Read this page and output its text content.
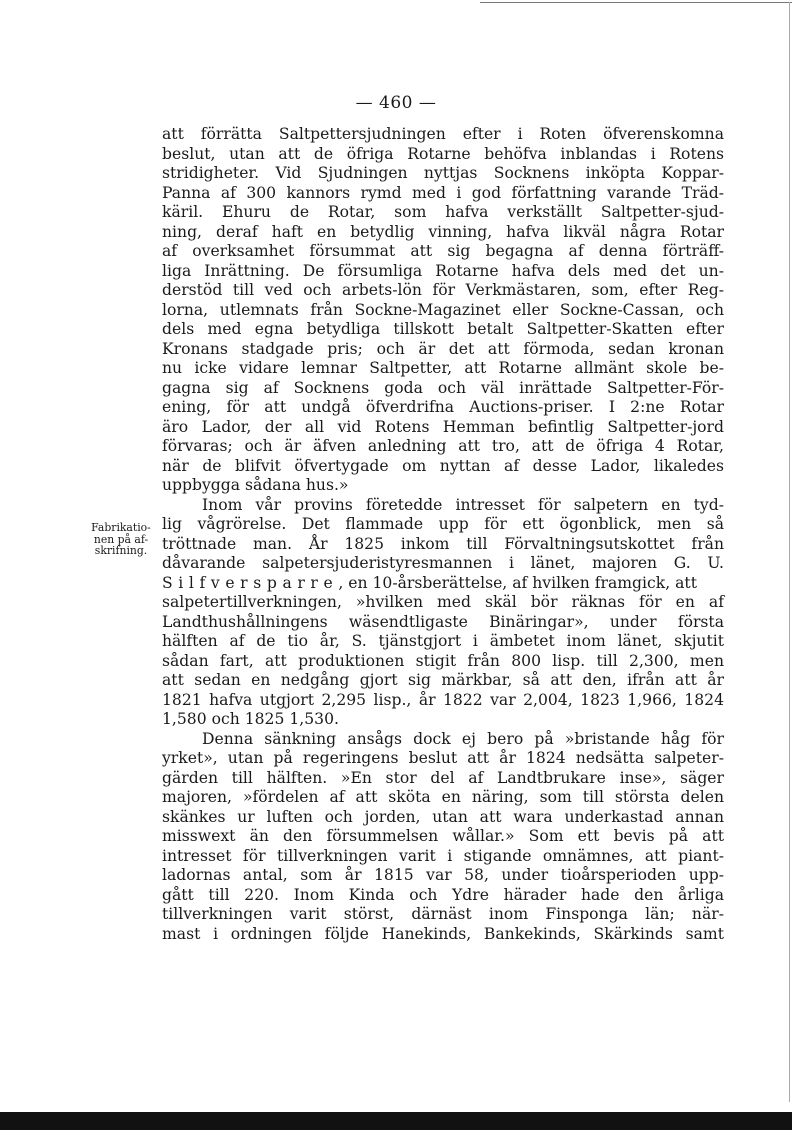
— 460 —
Fabrikatio-
nen på af-
skrifning.
att förrätta Saltpettersjudningen efter i Roten öfverenskomna
beslut, utan att de öfriga Rotarne behöfva inblandas i Rotens
stridigheter. Vid Sjudningen nyttjas Socknens inköpta Koppar-
Panna af 300 kannors rymd med i god författning varande Träd-
käril. Ehuru de Rotar, som hafva verkställt Saltpetter-sjud-
ning, deraf haft en betydlig vinning, hafva likväl några Rotar
af overksamhet försummat att sig begagna af denna förträff-
liga Inrättning. De försumliga Rotarne hafva dels med det un-
derstöd till ved och arbets-lön för Verkmästaren, som, efter Reg-
lorna, utlemnats från Sockne-Magazinet eller Sockne-Cassan, och
dels med egna betydliga tillskott betalt Saltpetter-Skatten efter
Kronans stadgade pris; och är det att förmoda, sedan kronan
nu icke vidare lemnar Saltpetter, att Rotarne allmänt skole be-
gagna sig af Socknens goda och väl inrättade Saltpetter-För-
ening, för att undgå öfverdrifna Auctions-priser. I 2:ne Rotar
äro Lador, der all vid Rotens Hemman befintlig Saltpetter-jord
förvaras; och är äfven anledning att tro, att de öfriga 4 Rotar,
när de blifvit öfvertygade om nyttan af desse Lador, likaledes
uppbygga sådana hus.»
Inom vår provins företedde intresset för salpetern en tyd-
lig vågrörelse. Det flammade upp för ett ögonblick, men så
tröttnade man. År 1825 inkom till Förvaltningsutskottet från
dåvarande salpetersjuderistyresmannen i länet, majoren G. U.
Silfversparre, en 10-årsberättelse, af hvilken framgick, att
salpetertillverkningen, »hvilken med skäl bör räknas för en af
Landthushållningens wäsendtligaste Binäringar», under första
hälften af de tio år, S. tjänstgjort i ämbetet inom länet, skjutit
sådan fart, att produktionen stigit från 800 lisp. till 2,300, men
att sedan en nedgång gjort sig märkbar, så att den, ifrån att år
1821 hafva utgjort 2,295 lisp., år 1822 var 2,004, 1823 1,966, 1824
1,580 och 1825 1,530.
Denna sänkning ansågs dock ej bero på »bristande håg för
yrket», utan på regeringens beslut att år 1824 nedsätta salpeter-
gärden till hälften. »En stor del af Landtbrukare inse», säger
majoren, »fördelen af att sköta en näring, som till största delen
skänkes ur luften och jorden, utan att wara underkastad annan
misswext än den försummelsen wållar.» Som ett bevis på att
intresset för tillverkningen varit i stigande omnämnes, att piant-
ladornas antal, som år 1815 var 58, under tioårsperioden upp-
gått till 220. Inom Kinda och Ydre härader hade den årliga
tillverkningen varit störst, därnäst inom Finsponga län; när-
mast i ordningen följde Hanekinds, Bankekinds, Skärkinds samt
